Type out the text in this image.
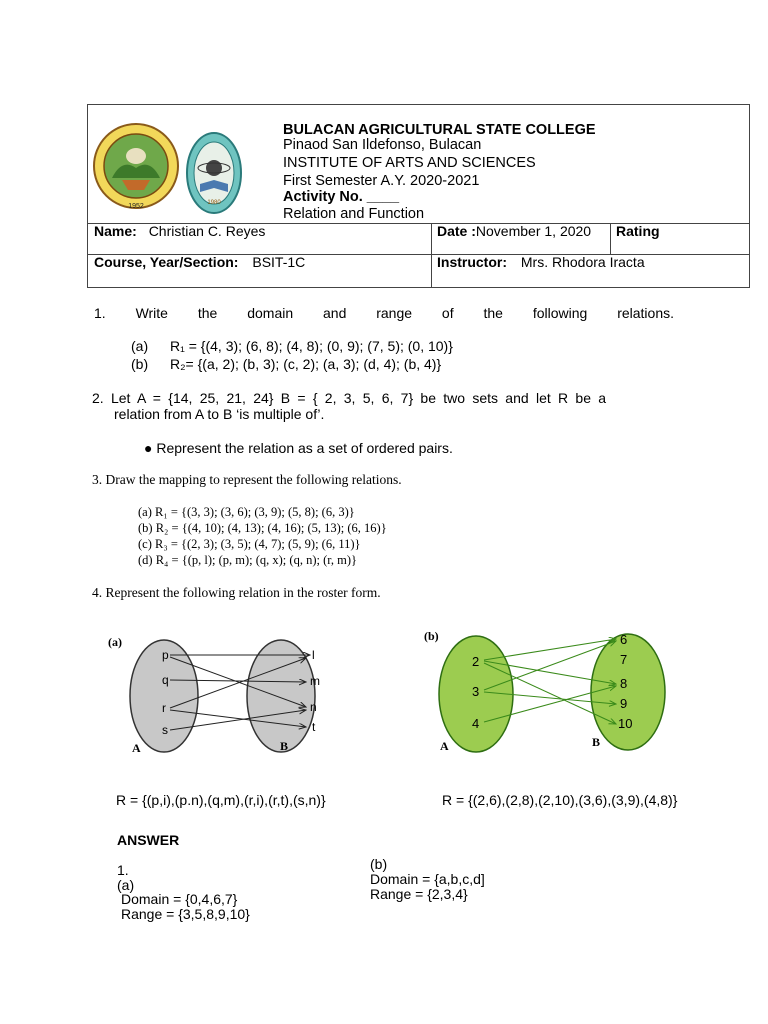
1952	1980
BULACAN AGRICULTURAL STATE COLLEGE
Pinaod San Ildefonso, Bulacan
INSTITUTE OF ARTS AND SCIENCES
First Semester A.Y. 2020-2021
Activity No. ____
Relation and Function
Name: Christian C. Reyes	Date :November 1, 2020 Rating
Course, Year/Section: BSIT-1C	Instructor: Mrs. Rhodora Iracta
1. Write the domain and range of the following relations.
(a) R₁ = {(4, 3); (6, 8); (4, 8); (0, 9); (7, 5); (0, 10)}
(b) R₂= {(a, 2); (b, 3); (c, 2); (a, 3); (d, 4); (b, 4)}
2. Let A = {14, 25, 21, 24} B = { 2, 3, 5, 6, 7} be two sets and let R be a
relation from A to B ‘is multiple of’.
● Represent the relation as a set of ordered pairs.
3. Draw the mapping to represent the following relations.
(a) R₁ = {(3, 3); (3, 6); (3, 9); (5, 8); (6, 3)}
(b) R₂ = {(4, 10); (4, 13); (4, 16); (5, 13); (6, 16)}
(c) R₃ = {(2, 3); (3, 5); (4, 7); (5, 9); (6, 11)}
(d) R₄ = {(p, l); (p, m); (q, x); (q, n); (r, m)}
4. Represent the following relation in the roster form.
(a)
p
q
r
s
l
m
n
t
A	B
(b)
2
3
4
6
7
8
9
10
A	B
R = {(p,i),(p.n),(q,m),(r,i),(r,t),(s,n)}	R = {(2,6),(2,8),(2,10),(3,6),(3,9),(4,8)}
ANSWER
1.
(a)
Domain = {0,4,6,7}
Range = {3,5,8,9,10}
(b)
Domain = {a,b,c,d]
Range = {2,3,4}
